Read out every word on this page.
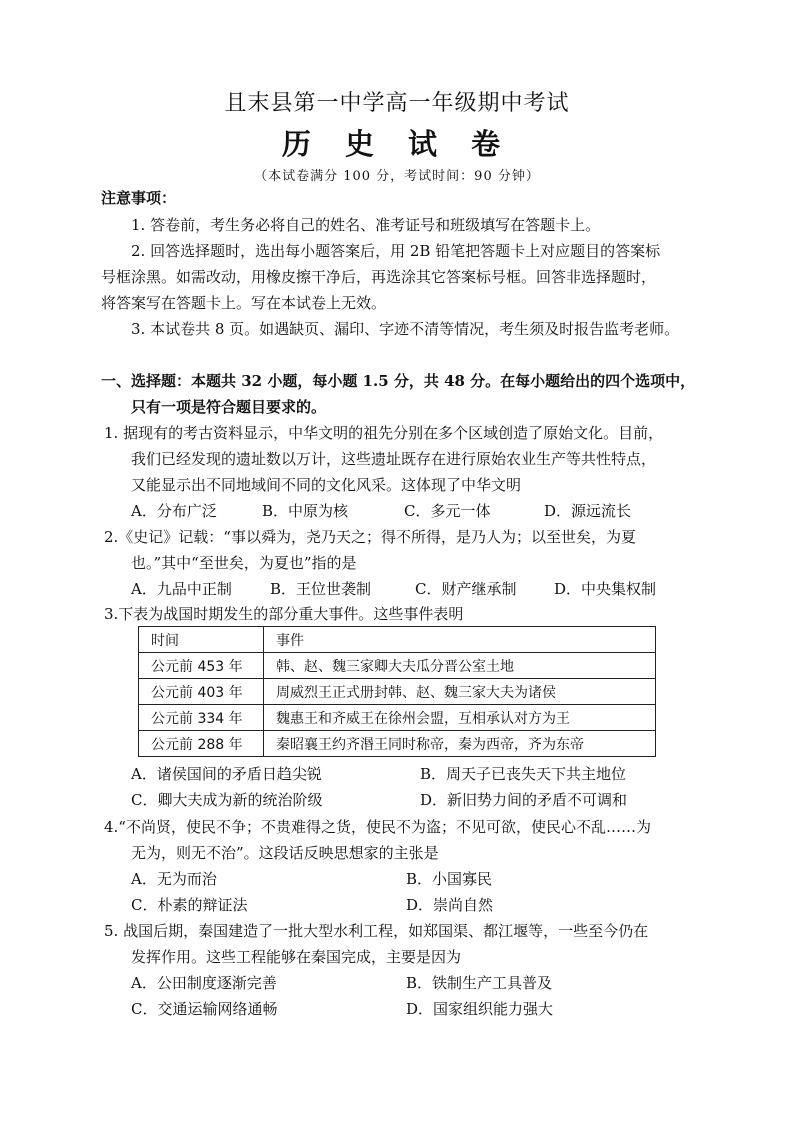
且末县第一中学高一年级期中考试
历 史 试 卷
（本试卷满分 100 分，考试时间：90 分钟）
注意事项：
1. 答卷前，考生务必将自己的姓名、准考证号和班级填写在答题卡上。
2. 回答选择题时，选出每小题答案后，用 2B 铅笔把答题卡上对应题目的答案标
号框涂黑。如需改动，用橡皮擦干净后，再选涂其它答案标号框。回答非选择题时，
将答案写在答题卡上。写在本试卷上无效。
3. 本试卷共 8 页。如遇缺页、漏印、字迹不清等情况，考生须及时报告监考老师。
一、选择题：本题共 32 小题，每小题 1.5 分，共 48 分。在每小题给出的四个选项中，
只有一项是符合题目要求的。
1. 据现有的考古资料显示，中华文明的祖先分别在多个区域创造了原始文化。目前，
我们已经发现的遗址数以万计，这些遗址既存在进行原始农业生产等共性特点，
又能显示出不同地域间不同的文化风采。这体现了中华文明
A．分布广泛	B．中原为核	C．多元一体	D．源远流长
2.《史记》记载：“事以舜为，尧乃天之；得不所得，是乃人为；以至世矣，为夏
也。”其中“至世矣，为夏也”指的是
A．九品中正制	B．王位世袭制	C．财产继承制	D．中央集权制
3.下表为战国时期发生的部分重大事件。这些事件表明
时间	事件
公元前 453 年	韩、赵、魏三家卿大夫瓜分晋公室土地
公元前 403 年	周威烈王正式册封韩、赵、魏三家大夫为诸侯
公元前 334 年	魏惠王和齐威王在徐州会盟，互相承认对方为王
公元前 288 年	秦昭襄王约齐湣王同时称帝，秦为西帝，齐为东帝
A．诸侯国间的矛盾日趋尖锐	B．周天子已丧失天下共主地位
C．卿大夫成为新的统治阶级	D．新旧势力间的矛盾不可调和
4.“不尚贤，使民不争；不贵难得之货，使民不为盗；不见可欲，使民心不乱……为
无为，则无不治”。这段话反映思想家的主张是
A．无为而治	B．小国寡民
C．朴素的辩证法	D．崇尚自然
5. 战国后期，秦国建造了一批大型水利工程，如郑国渠、都江堰等，一些至今仍在
发挥作用。这些工程能够在秦国完成，主要是因为
A．公田制度逐渐完善	B．铁制生产工具普及
C．交通运输网络通畅	D．国家组织能力强大
